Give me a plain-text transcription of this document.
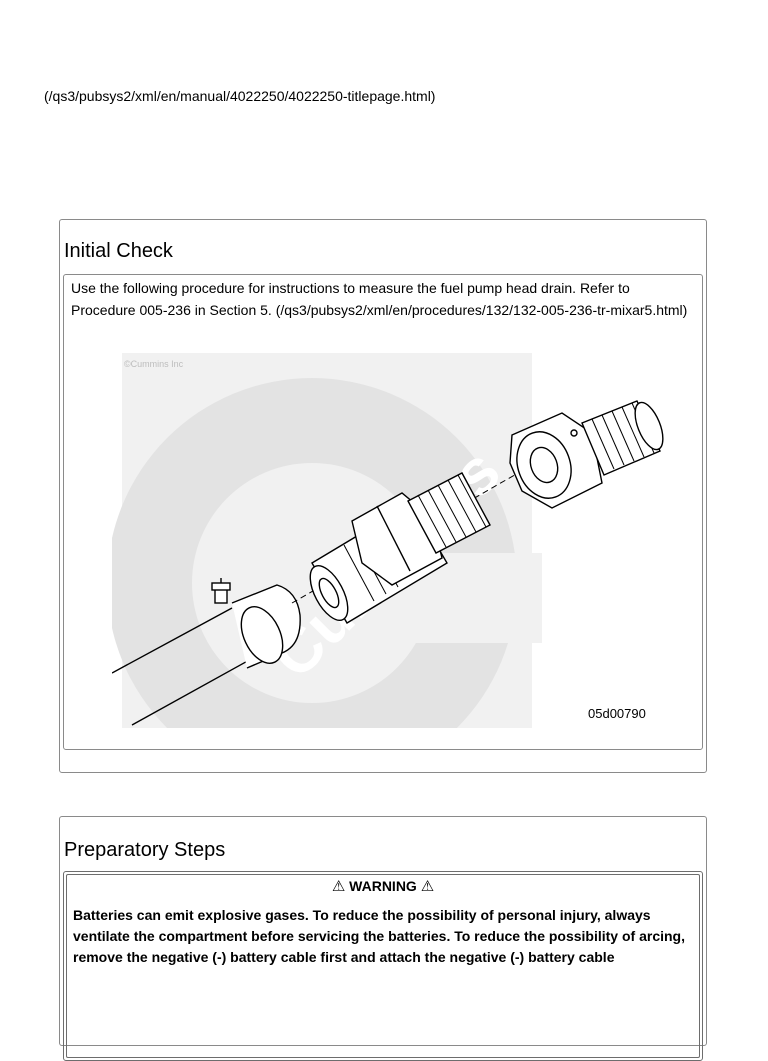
(/qs3/pubsys2/xml/en/manual/4022250/4022250-titlepage.html)
Initial Check

Use the following procedure for instructions to measure the fuel pump head drain. Refer to Procedure 005-236 in Section 5. (/qs3/pubsys2/xml/en/procedures/132/132-005-236-tr-mixar5.html)

©Cummins Inc
05d00790
Preparatory Steps
⚠ WARNING ⚠

Batteries can emit explosive gases. To reduce the possibility of personal injury, always ventilate the compartment before servicing the batteries. To reduce the possibility of arcing, remove the negative (-) battery cable first and attach the negative (-) battery cable
